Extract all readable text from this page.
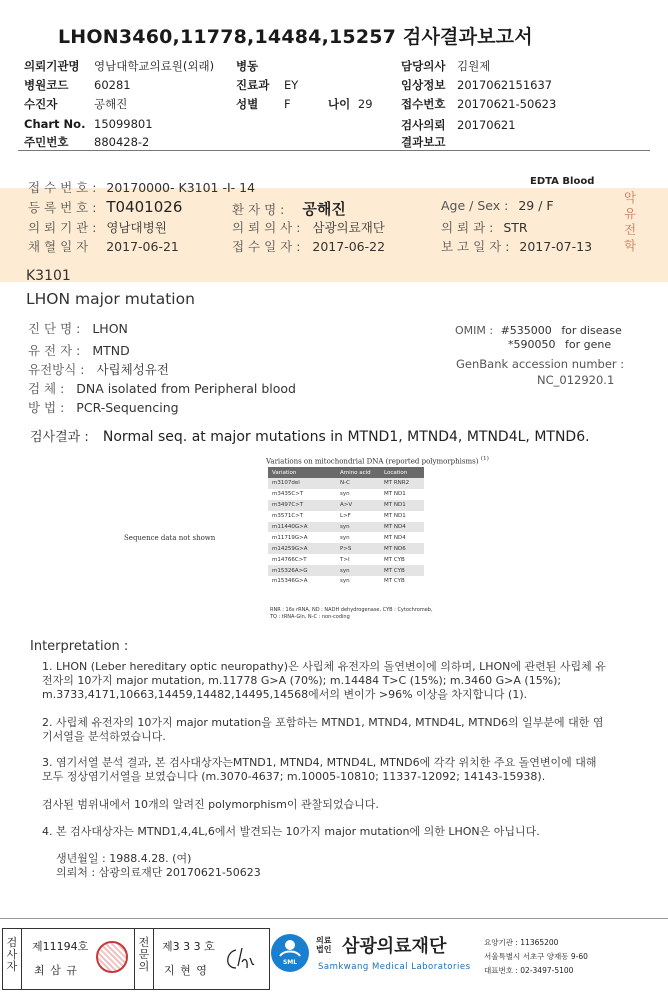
LHON3460,11778,14484,15257 검사결과보고서
의뢰기관명 영남대학교의료원(외래)
병원코드 60281
수진자	공해진
Chart No. 15099801
주민번호 880428-2
병동
진료과 EY
성별 F
담당의사 김원제
임상정보 201706215163​7
접수번호 20170621-50623
검사의뢰 20170621
결과보고
나이 29
EDTA Blood
접 수 번 호 : 20170000- K3101 -I- 14
등 록 번 호 : T0401026	환 자 명 : 공해진	Age / Sex : 29 / F
의 뢰 기 관 : 영남대병원	의 뢰 의 사 : 삼광의료재단	의 뢰 과 : STR
채 혈 일 자 2017-06-21	접 수 일 자 : 2017-06-22	보 고 일 자 : 2017-07-13
악
유
전
학
K3101
LHON major mutation
진 단 명 : LHON
유 전 자 : MTND
유전방식 : 사립체성유전
검 체 : DNA isolated from Peripheral blood
방 법 : PCR-Sequencing
OMIM : #535000 for disease
*590050 for gene
GenBank accession number :
NC_012920.1
검사결과 : Normal seq. at major mutations in MTND1, MTND4, MTND4L, MTND6.
Variations on mitochondrial DNA (reported polymorphisms) $^{(1)}$
Variation	Amino acid	Location
m3107del	N-C	MT RNR2
m3435C>T	syn	MT ND1
m3497C>T	A>V	MT ND1
m3571C>T	L>F	MT ND1
m11440G>A	syn	MT ND4
m11719G>A	syn	MT ND4
m14259G>A	P>S	MT ND6
m14766C>T	T>I	MT CYB
m15326A>G	syn	MT CYB
m15346G>A	syn	MT CYB
RNR : 16s rRNA, ND : NADH dehydrogenase, CYB : Cytochromeb,
TQ : tRNA-Gln, N-C : non-coding
Sequence data not shown
Interpretation :
1. LHON (Leber hereditary optic neuropathy)은 사립체 유전자의 돌연변이에 의하며, LHON에 관련된 사립체 유전자의 10가지 major mutation, m.11778 G>A (70%); m.14484 T>C (15%); m.3460 G>A (15%); m.3733,4171,10663,14459,14482,14495,14568에서의 변이가 >96% 이상을 차지합니다 (1).
2. 사립체 유전자의 10가지 major mutation을 포함하는 MTND1, MTND4, MTND4L, MTND6의 일부분에 대한 염기서열을 분석하였습니다.
3. 염기서열 분석 결과, 본 검사대상자는MTND1, MTND4, MTND4L, MTND6에 각각 위치한 주요 돌연변이에 대해 모두 정상염기서열을 보였습니다 (m.3070-4637; m.10005-10810; 11337-12092; 14143-15938).
검사된 범위내에서 10개의 알려진 polymorphism이 관찰되었습니다.
4. 본 검사대상자는 MTND1,4,4L,6에서 발견되는 10가지 major mutation에 의한 LHON은 아닙니다.
생년월일 : 1988.4.28. (여)
의뢰처 : 삼광의료재단 20170621-50623
검사자
제11194호
최 삼 규
전문의
제3 3 3 호
지 현 영
SML
의료법인 삼광의료재단
Samkwang Medical Laboratories
요양기관 : 11365200
서울특별시 서초구 양재동 9-60
대표번호 : 02-3497-5100
